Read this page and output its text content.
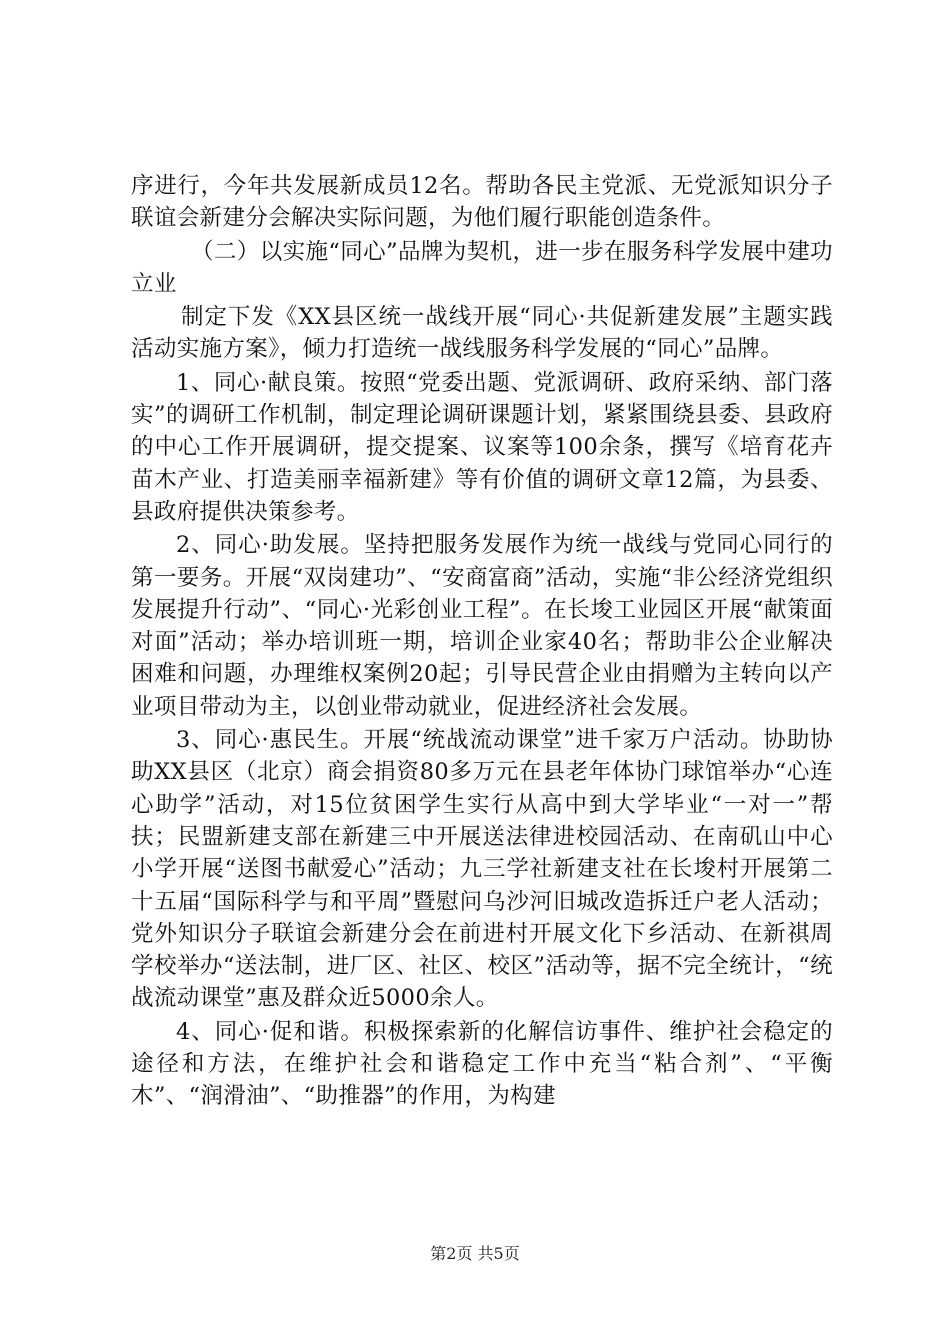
序进行，今年共发展新成员12名。帮助各民主党派、无党派知识分子联谊会新建分会解决实际问题，为他们履行职能创造条件。

（二）以实施“同心”品牌为契机，进一步在服务科学发展中建功立业

制定下发《XX县区统一战线开展“同心·共促新建发展”主题实践活动实施方案》，倾力打造统一战线服务科学发展的“同心”品牌。

1、同心·献良策。按照“党委出题、党派调研、政府采纳、部门落实”的调研工作机制，制定理论调研课题计划，紧紧围绕县委、县政府的中心工作开展调研，提交提案、议案等100余条，撰写《培育花卉苗木产业、打造美丽幸福新建》等有价值的调研文章12篇，为县委、县政府提供决策参考。

2、同心·助发展。坚持把服务发展作为统一战线与党同心同行的第一要务。开展“双岗建功”、“安商富商”活动，实施“非公经济党组织发展提升行动”、“同心·光彩创业工程”。在长埈工业园区开展“献策面对面”活动；举办培训班一期，培训企业家40名；帮助非公企业解决困难和问题，办理维权案例20起；引导民营企业由捐赠为主转向以产业项目带动为主，以创业带动就业，促进经济社会发展。

3、同心·惠民生。开展“统战流动课堂”进千家万户活动。协助协助XX县区（北京）商会捐资80多万元在县老年体协门球馆举办“心连心助学”活动，对15位贫困学生实行从高中到大学毕业“一对一”帮扶；民盟新建支部在新建三中开展送法律进校园活动、在南矶山中心小学开展“送图书献爱心”活动；九三学社新建支社在长埈村开展第二十五届“国际科学与和平周”暨慰问乌沙河旧城改造拆迁户老人活动；党外知识分子联谊会新建分会在前进村开展文化下乡活动、在新祺周学校举办“送法制，进厂区、社区、校区”活动等，据不完全统计，“统战流动课堂”惠及群众近5000余人。

4、同心·促和谐。积极探索新的化解信访事件、维护社会稳定的途径和方法，在维护社会和谐稳定工作中充当“粘合剂”、“平衡木”、“润滑油”、“助推器”的作用，为构建

第2页 共5页
